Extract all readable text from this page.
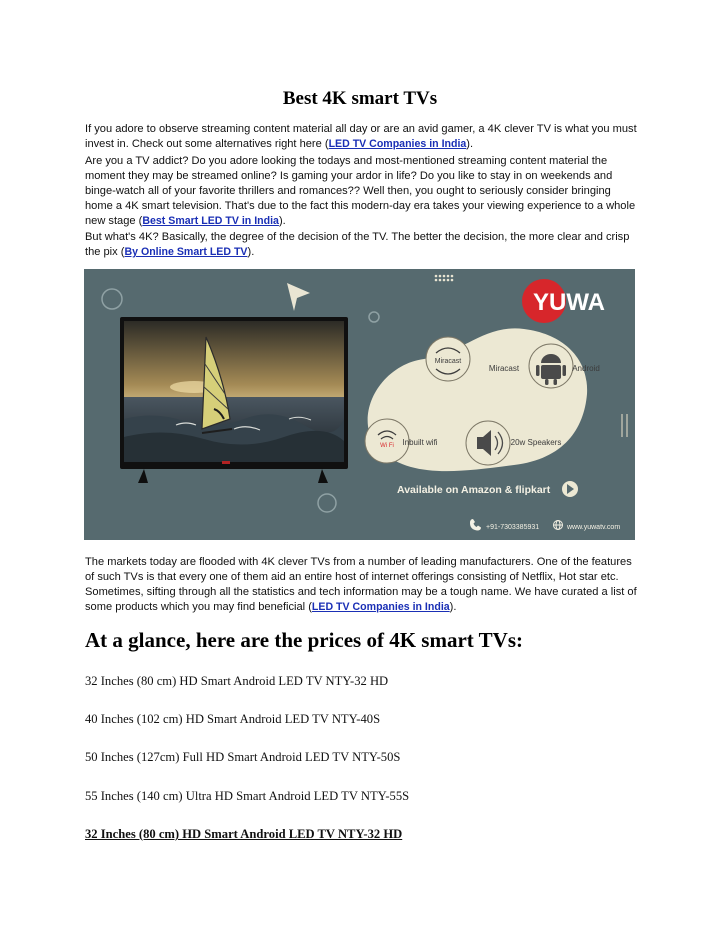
Best 4K smart TVs
If you adore to observe streaming content material all day or are an avid gamer, a 4K clever TV is what you must invest in. Check out some alternatives right here (LED TV Companies in India).
Are you a TV addict? Do you adore looking the todays and most-mentioned streaming content material the moment they may be streamed online? Is gaming your ardor in life? Do you like to stay in on weekends and binge-watch all of your favorite thrillers and romances?? Well then, you ought to seriously consider bringing home a 4K smart television. That's due to the fact this modern-day era takes your viewing experience to a whole new stage (Best Smart LED TV in India).
But what's 4K? Basically, the degree of the decision of the TV. The better the decision, the more clear and crisp the pix (By Online Smart LED TV).
YUWA
Miracast
Miracast	Android
Wi Fi Inbuilt wifi	20w Speakers
Available on Amazon & flipkart
+91-7303385931	www.yuwatv.com
The markets today are flooded with 4K clever TVs from a number of leading manufacturers. One of the features of such TVs is that every one of them aid an entire host of internet offerings consisting of Netflix, Hot star etc. Sometimes, sifting through all the statistics and tech information may be a tough name. We have curated a list of some products which you may find beneficial (LED TV Companies in India).
At a glance, here are the prices of 4K smart TVs:
32 Inches (80 cm) HD Smart Android LED TV NTY-32 HD
40 Inches (102 cm) HD Smart Android LED TV NTY-40S
50 Inches (127cm) Full HD Smart Android LED TV NTY-50S
55 Inches (140 cm) Ultra HD Smart Android LED TV NTY-55S
32 Inches (80 cm) HD Smart Android LED TV NTY-32 HD
